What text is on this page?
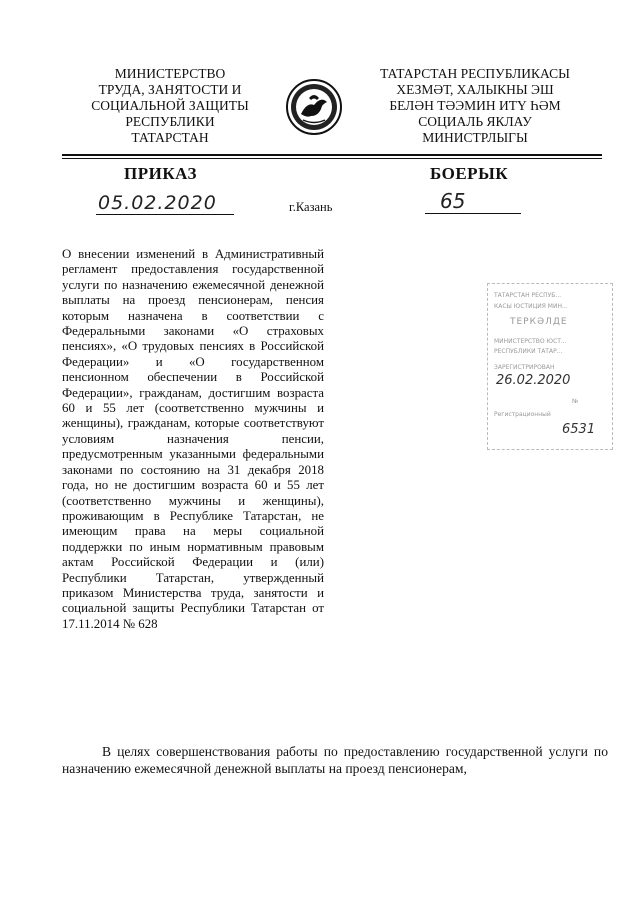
МИНИСТЕРСТВО
ТРУДА, ЗАНЯТОСТИ И
СОЦИАЛЬНОЙ ЗАЩИТЫ
РЕСПУБЛИКИ
ТАТАРСТАН
ТАТАРСТАН РЕСПУБЛИКАСЫ
ХЕЗМӘТ, ХАЛЫКНЫ ЭШ
БЕЛӘН ТӘЭМИН ИТҮ ҺӘМ
СОЦИАЛЬ ЯКЛАУ
МИНИСТРЛЫГЫ
ПРИКАЗ	БОЕРЫК
05.02.2020	г.Казань	65
О внесении изменений в Административный регламент предоставления государственной услуги по назначению ежемесячной денежной выплаты на проезд пенсионерам, пенсия которым назначена в соответствии с Федеральными законами «О страховых пенсиях», «О трудовых пенсиях в Российской Федерации» и «О государственном пенсионном обеспечении в Российской Федерации», гражданам, достигшим возраста 60 и 55 лет (соответственно мужчины и женщины), гражданам, которые соответствуют условиям назначения пенсии, предусмотренным указанными федеральными законами по состоянию на 31 декабря 2018 года, но не достигшим возраста 60 и 55 лет (соответственно мужчины и женщины), проживающим в Республике Татарстан, не имеющим права на меры социальной поддержки по иным нормативным правовым актам Российской Федерации и (или) Республики Татарстан, утвержденный приказом Министерства труда, занятости и социальной защиты Республики Татарстан от 17.11.2014 № 628
ТАТАРСТАН РЕСПУБ...
КАСЫ ЮСТИЦИЯ МИН...
ТЕРКӘЛДЕ
МИНИСТЕРСТВО ЮСТ...
РЕСПУБЛИКИ ТАТАР...
ЗАРЕГИСТРИРОВАН
26.02.2020
№
Регистрационный
6531
В целях совершенствования работы по предоставлению государственной услуги по назначению ежемесячной денежной выплаты на проезд пенсионерам,
